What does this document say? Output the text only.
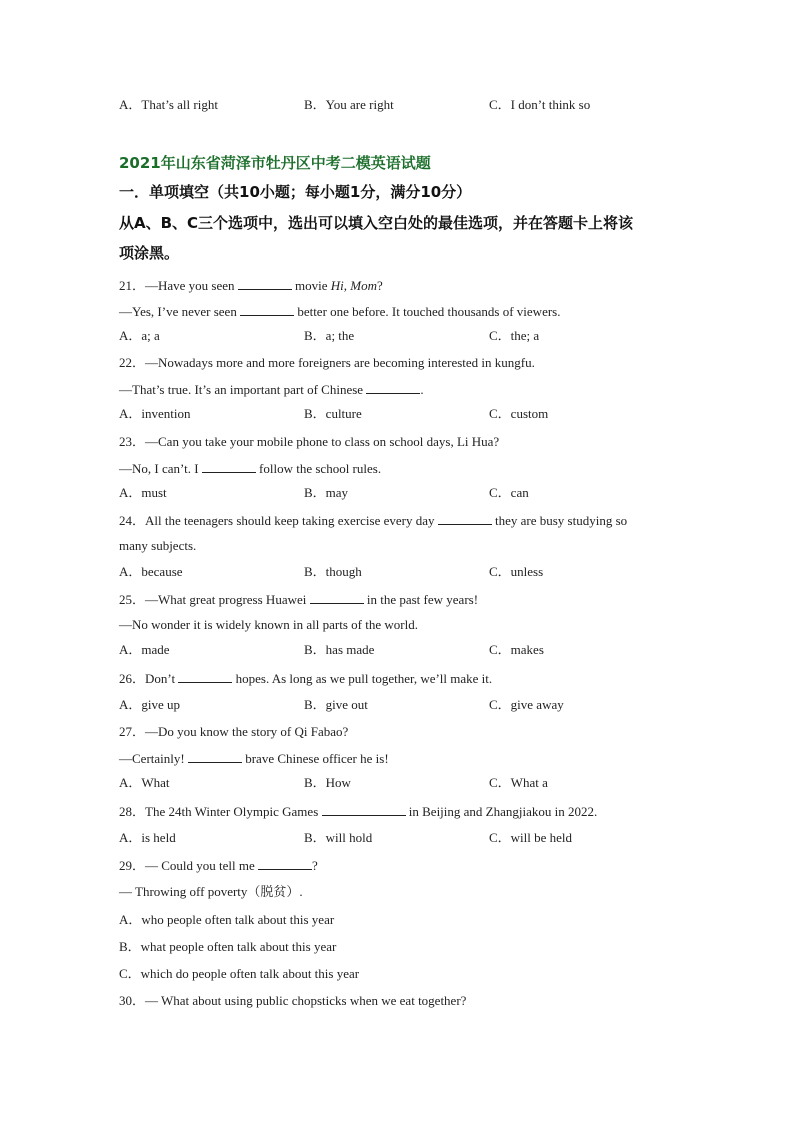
A．That’s all right	B．You are right	C．I don’t think so
2021年山东省菏泽市牡丹区中考二模英语试题
一．单项填空（共10小题；每小题1分，满分10分）
从A、B、C三个选项中，选出可以填入空白处的最佳选项，并在答题卡上将该
项涂黑。
21．—Have you seen	movie Hi, Mom?
—Yes, I’ve never seen	better one before. It touched thousands of viewers.
A．a; a	B．a; the	C．the; a
22．—Nowadays more and more foreigners are becoming interested in kungfu.
—That’s true. It’s an important part of Chinese	.
A．invention	B．culture	C．custom
23．—Can you take your mobile phone to class on school days, Li Hua?
—No, I can’t. I	follow the school rules.
A．must	B．may	C．can
24．All the teenagers should keep taking exercise every day	they are busy studying so
many subjects.
A．because	B．though	C．unless
25．—What great progress Huawei	in the past few years!
—No wonder it is widely known in all parts of the world.
A．made	B．has made	C．makes
26．Don’t	hopes. As long as we pull together, we’ll make it.
A．give up	B．give out	C．give away
27．—Do you know the story of Qi Fabao?
—Certainly!	brave Chinese officer he is!
A．What	B．How	C．What a
28．The 24th Winter Olympic Games	in Beijing and Zhangjiakou in 2022.
A．is held	B．will hold	C．will be held
29．— Could you tell me	?
— Throwing off poverty（脱贫）.
A．who people often talk about this year
B．what people often talk about this year
C．which do people often talk about this year
30．— What about using public chopsticks when we eat together?
